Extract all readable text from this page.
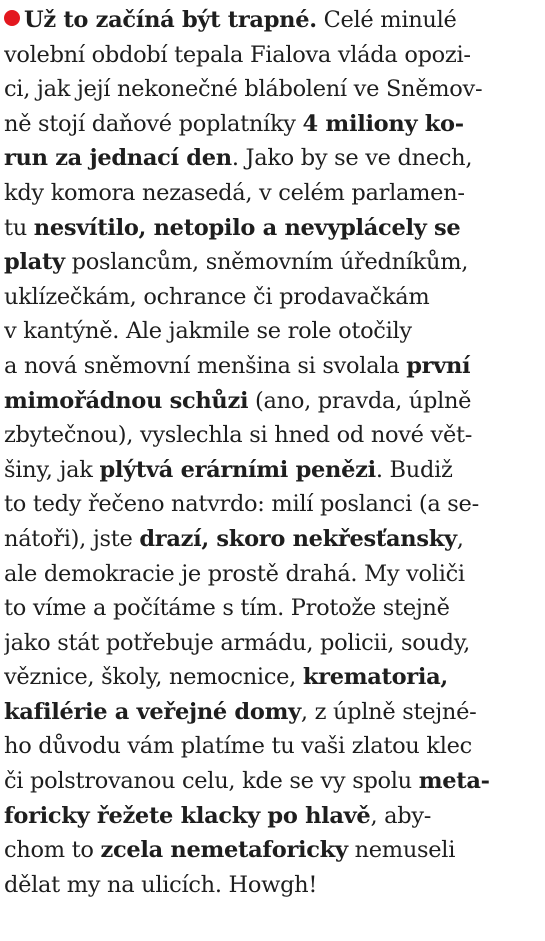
Už to začíná být trapné. Celé minulé
volební období tepala Fialova vláda opozi-
ci, jak její nekonečné blábolení ve Sněmov-
ně stojí daňové poplatníky 4 miliony ko-
run za jednací den. Jako by se ve dnech,
kdy komora nezasedá, v celém parlamen-
tu nesvítilo, netopilo a nevyplácely se
platy poslancům, sněmovním úředníkům,
uklízečkám, ochrance či prodavačkám
v kantýně. Ale jakmile se role otočily
a nová sněmovní menšina si svolala první
mimořádnou schůzi (ano, pravda, úplně
zbytečnou), vyslechla si hned od nové vět-
šiny, jak plýtvá erárními penězi. Budiž
to tedy řečeno natvrdo: milí poslanci (a se-
nátoři), jste drazí, skoro nekřesťansky,
ale demokracie je prostě drahá. My voliči
to víme a počítáme s tím. Protože stejně
jako stát potřebuje armádu, policii, soudy,
věznice, školy, nemocnice, krematoria,
kafilérie a veřejné domy, z úplně stejné-
ho důvodu vám platíme tu vaši zlatou klec
či polstrovanou celu, kde se vy spolu meta-
foricky řežete klacky po hlavě, aby-
chom to zcela nemetaforicky nemuseli
dělat my na ulicích. Howgh!
